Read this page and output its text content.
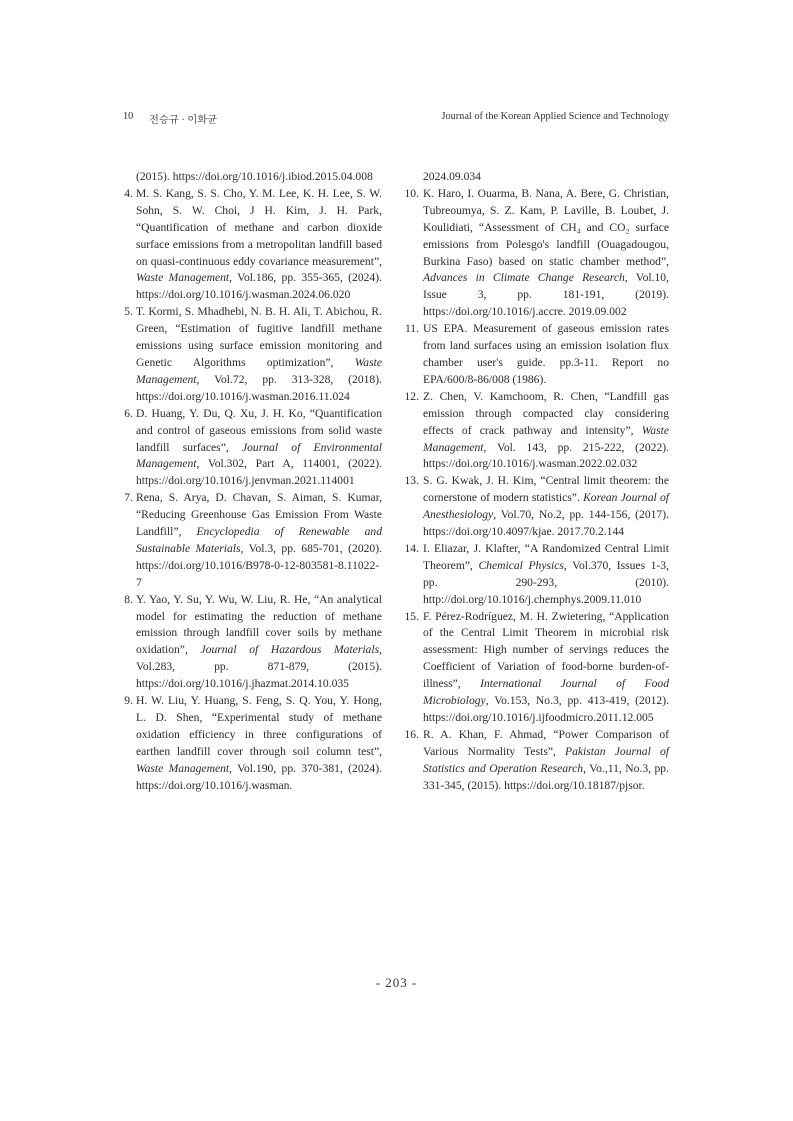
10 전승규 · 이화균	Journal of the Korean Applied Science and Technology

(2015). https://doi.org/10.1016/j.ibiod.2015.04.008

4. M. S. Kang, S. S. Cho, Y. M. Lee, K. H. Lee, S. W. Sohn, S. W. Choi, J H. Kim, J. H. Park, “Quantification of methane and carbon dioxide surface emissions from a metropolitan landfill based on quasi-continuous eddy covariance measurement”, Waste Management, Vol.186, pp. 355-365, (2024). https://doi.org/10.1016/j.wasman.2024.06.020

5. T. Kormi, S. Mhadhebi, N. B. H. Ali, T. Abichou, R. Green, “Estimation of fugitive landfill methane emissions using surface emission monitoring and Genetic Algorithms optimization”, Waste Management, Vol.72, pp. 313-328, (2018). https://doi.org/10.1016/j.wasman.2016.11.024

6. D. Huang, Y. Du, Q. Xu, J. H. Ko, “Quantification and control of gaseous emissions from solid waste landfill surfaces”, Journal of Environmental Management, Vol.302, Part A, 114001, (2022). https://doi.org/10.1016/j.jenvman.2021.114001

7. Rena, S. Arya, D. Chavan, S. Aiman, S. Kumar, “Reducing Greenhouse Gas Emission From Waste Landfill”, Encyclopedia of Renewable and Sustainable Materials, Vol.3, pp. 685-701, (2020). https://doi.org/10.1016/B978-0-12-803581-8.11022-7

8. Y. Yao, Y. Su, Y. Wu, W. Liu, R. He, “An analytical model for estimating the reduction of methane emission through landfill cover soils by methane oxidation”, Journal of Hazardous Materials, Vol.283, pp. 871-879, (2015). https://doi.org/10.1016/j.jhazmat.2014.10.035

9. H. W. Liu, Y. Huang, S. Feng, S. Q. You, Y. Hong, L. D. Shen, “Experimental study of methane oxidation efficiency in three configurations of earthen landfill cover through soil column test”, Waste Management, Vol.190, pp. 370-381, (2024). https://doi.org/10.1016/j.wasman.

2024.09.034

10. K. Haro, I. Ouarma, B. Nana, A. Bere, G. Christian, Tubreoumya, S. Z. Kam, P. Laville, B. Loubet, J. Koulidiati, “Assessment of CH₄ and CO₂ surface emissions from Polesgo's landfill (Ouagadougou, Burkina Faso) based on static chamber method”, Advances in Climate Change Research, Vol.10, Issue 3, pp. 181-191, (2019). https://doi.org/10.1016/j.accre. 2019.09.002

11. US EPA. Measurement of gaseous emission rates from land surfaces using an emission isolation flux chamber user's guide. pp.3-11. Report no EPA/600/8-86/008 (1986).

12. Z. Chen, V. Kamchoom, R. Chen, “Landfill gas emission through compacted clay considering effects of crack pathway and intensity”, Waste Management, Vol. 143, pp. 215-222, (2022). https://doi.org/10.1016/j.wasman.2022.02.032

13. S. G. Kwak, J. H. Kim, “Central limit theorem: the cornerstone of modern statistics”. Korean Journal of Anesthesiology, Vol.70, No.2, pp. 144-156, (2017). https://doi.org/10.4097/kjae. 2017.70.2.144

14. I. Eliazar, J. Klafter, “A Randomized Central Limit Theorem”, Chemical Physics, Vol.370, Issues 1-3, pp. 290-293, (2010). http://doi.org/10.1016/j.chemphys.2009.11.010

15. F. Pérez-Rodríguez, M. H. Zwietering, “Application of the Central Limit Theorem in microbial risk assessment: High number of servings reduces the Coefficient of Variation of food-borne burden-of-illness”, International Journal of Food Microbiology, Vo.153, No.3, pp. 413-419, (2012). https://doi.org/10.1016/j.ijfoodmicro.2011.12.005

16. R. A. Khan, F. Ahmad, “Power Comparison of Various Normality Tests”, Pakistan Journal of Statistics and Operation Research, Vo.,11, No.3, pp. 331-345, (2015). https://doi.org/10.18187/pjsor.

- 203 -
